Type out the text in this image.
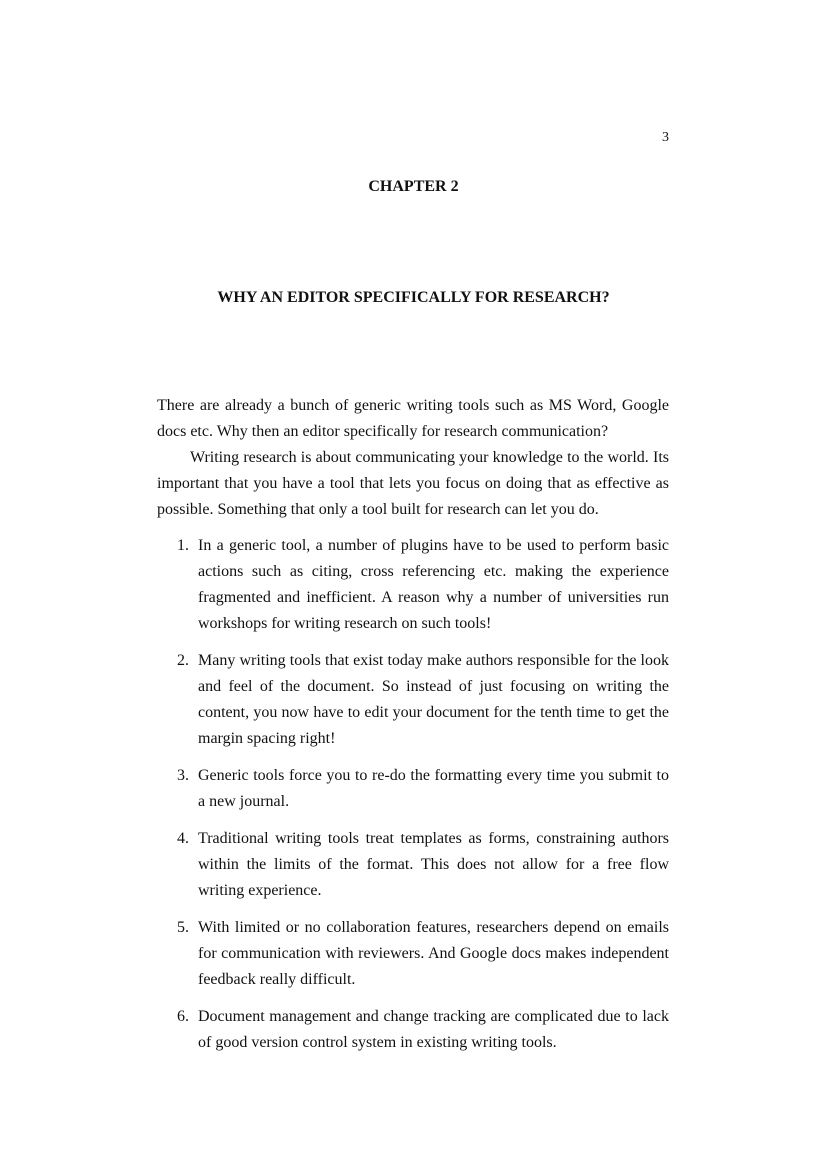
3
CHAPTER 2
WHY AN EDITOR SPECIFICALLY FOR RESEARCH?

There are already a bunch of generic writing tools such as MS Word, Google docs etc. Why then an editor specifically for research communication?

Writing research is about communicating your knowledge to the world. Its important that you have a tool that lets you focus on doing that as effective as possible. Something that only a tool built for research can let you do.

1. In a generic tool, a number of plugins have to be used to perform basic actions such as citing, cross referencing etc. making the experience fragmented and inefficient. A reason why a number of universities run workshops for writing research on such tools!
2. Many writing tools that exist today make authors responsible for the look and feel of the document. So instead of just focusing on writing the content, you now have to edit your document for the tenth time to get the margin spacing right!
3. Generic tools force you to re-do the formatting every time you submit to a new journal.
4. Traditional writing tools treat templates as forms, constraining authors within the limits of the format. This does not allow for a free flow writing experience.
5. With limited or no collaboration features, researchers depend on emails for communication with reviewers. And Google docs makes independent feedback really difficult.
6. Document management and change tracking are complicated due to lack of good version control system in existing writing tools.
